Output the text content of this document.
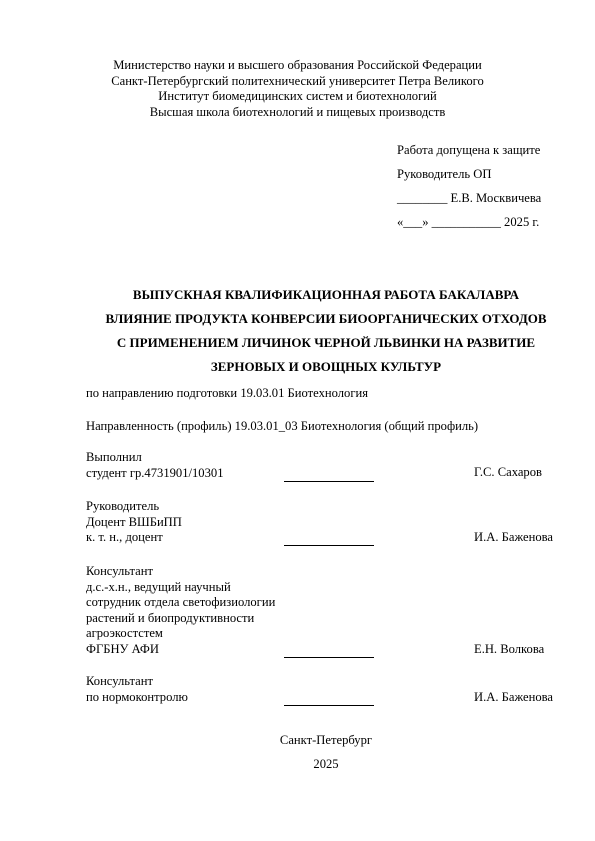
Министерство науки и высшего образования Российской Федерации
Санкт-Петербургский политехнический университет Петра Великого
Институт биомедицинских систем и биотехнологий
Высшая школа биотехнологий и пищевых производств
Работа допущена к защите
Руководитель ОП
________ Е.В. Москвичева
«___» ___________ 2025 г.
ВЫПУСКНАЯ КВАЛИФИКАЦИОННАЯ РАБОТА БАКАЛАВРА
ВЛИЯНИЕ ПРОДУКТА КОНВЕРСИИ БИООРГАНИЧЕСКИХ ОТХОДОВ
С ПРИМЕНЕНИЕМ ЛИЧИНОК ЧЕРНОЙ ЛЬВИНКИ НА РАЗВИТИЕ
ЗЕРНОВЫХ И ОВОЩНЫХ КУЛЬТУР
по направлению подготовки 19.03.01 Биотехнология
Направленность (профиль) 19.03.01_03 Биотехнология (общий профиль)
Выполнил
студент гр.4731901/10301	Г.С. Сахаров
Руководитель
Доцент ВШБиПП
к. т. н., доцент	И.А. Баженова
Консультант
д.с.-х.н., ведущий научный
сотрудник отдела светофизиологии
растений и биопродуктивности
агроэкостстем
ФГБНУ АФИ	Е.Н. Волкова
Консультант
по нормоконтролю	И.А. Баженова
Санкт-Петербург
2025
